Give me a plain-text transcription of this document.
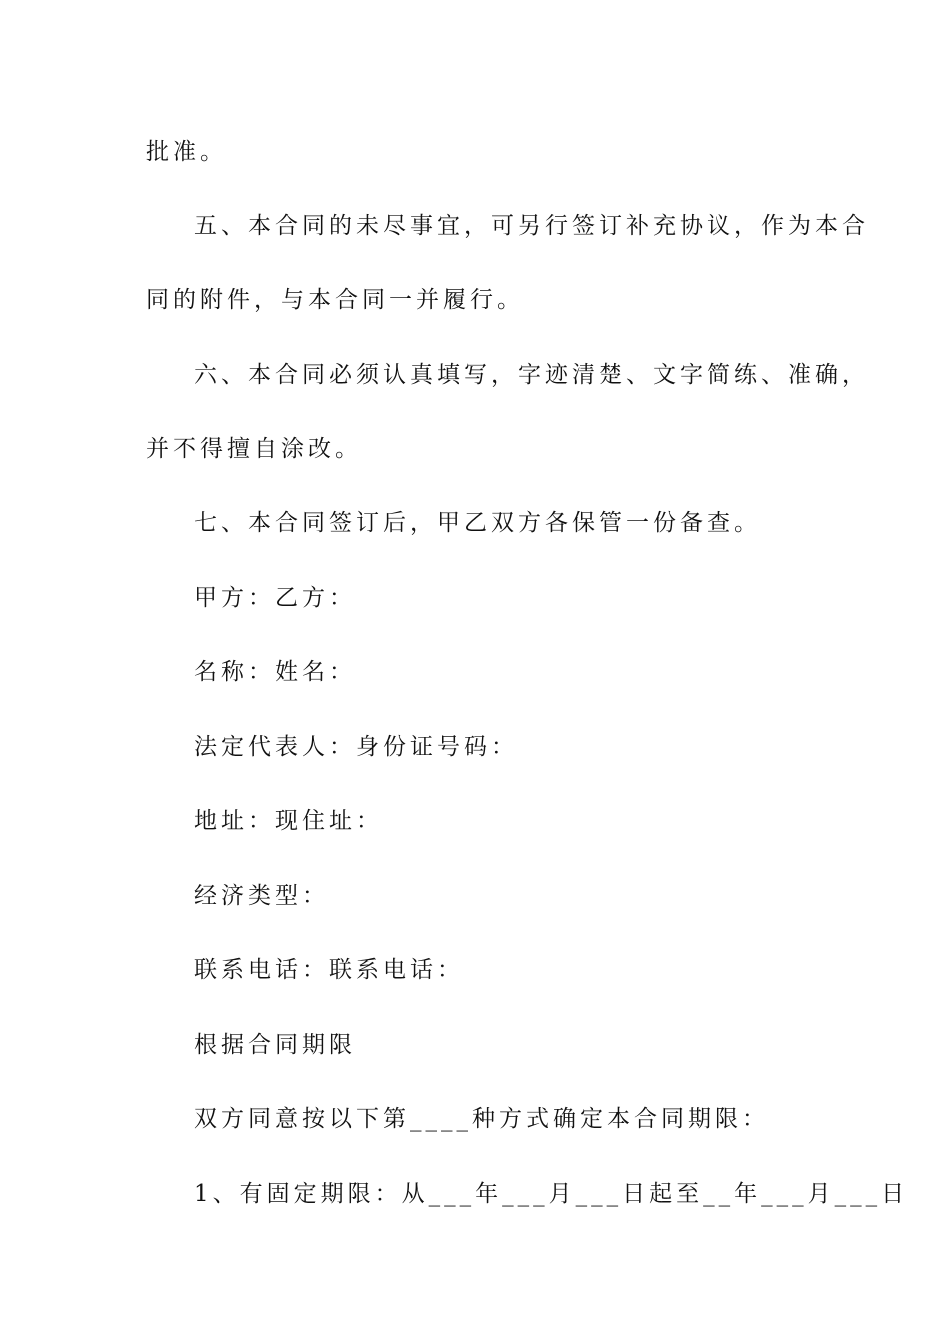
批准。
五、本合同的未尽事宜，可另行签订补充协议，作为本合
同的附件，与本合同一并履行。
六、本合同必须认真填写，字迹清楚、文字简练、准确，
并不得擅自涂改。
七、本合同签订后，甲乙双方各保管一份备查。
甲方：乙方：
名称：姓名：
法定代表人：身份证号码：
地址：现住址：
经济类型：
联系电话：联系电话：
根据合同期限
双方同意按以下第____种方式确定本合同期限：
1、有固定期限：从___年___月___日起至__年___月___日
